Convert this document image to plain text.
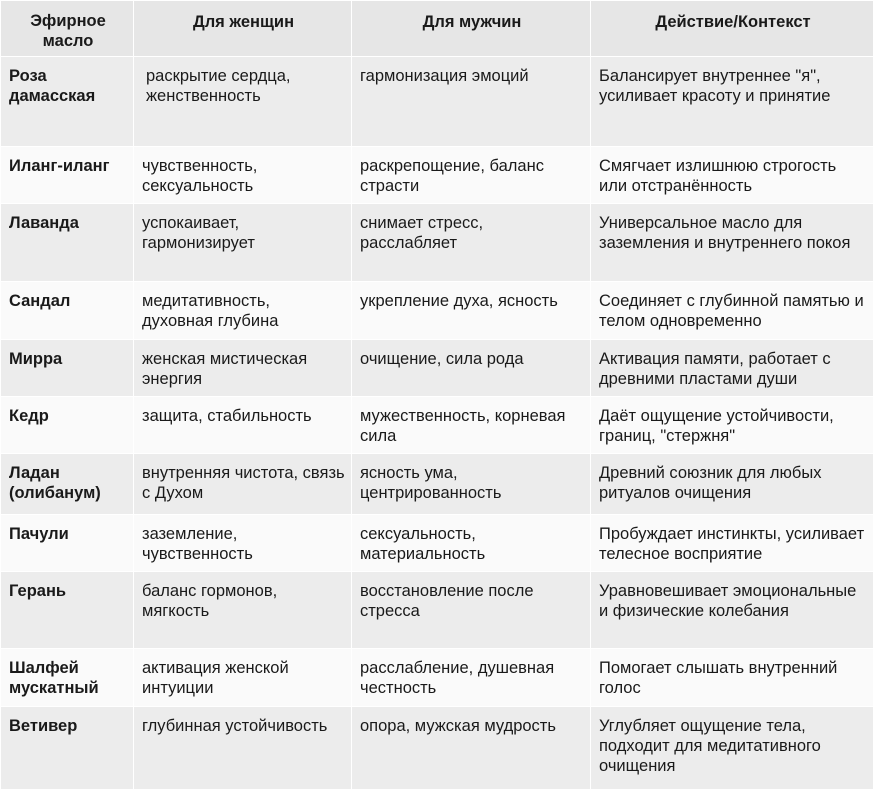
Эфирное масло	Для женщин	Для мужчин	Действие/Контекст
Роза дамасская	раскрытие сердца, женственность	гармонизация эмоций	Балансирует внутреннее "я", усиливает красоту и принятие
Иланг-иланг	чувственность, сексуальность	раскрепощение, баланс страсти	Смягчает излишнюю строгость или отстранённость
Лаванда	успокаивает, гармонизирует	снимает стресс, расслабляет	Универсальное масло для заземления и внутреннего покоя
Сандал	медитативность, духовная глубина	укрепление духа, ясность	Соединяет с глубинной памятью и телом одновременно
Мирра	женская мистическая энергия	очищение, сила рода	Активация памяти, работает с древними пластами души
Кедр	защита, стабильность	мужественность, корневая сила	Даёт ощущение устойчивости, границ, "стержня"
Ладан (олибанум)	внутренняя чистота, связь с Духом	ясность ума, центрированность	Древний союзник для любых ритуалов очищения
Пачули	заземление, чувственность	сексуальность, материальность	Пробуждает инстинкты, усиливает телесное восприятие
Герань	баланс гормонов, мягкость	восстановление после стресса	Уравновешивает эмоциональные и физические колебания
Шалфей мускатный	активация женской интуиции	расслабление, душевная честность	Помогает слышать внутренний голос
Ветивер	глубинная устойчивость	опора, мужская мудрость	Углубляет ощущение тела, подходит для медитативного очищения
